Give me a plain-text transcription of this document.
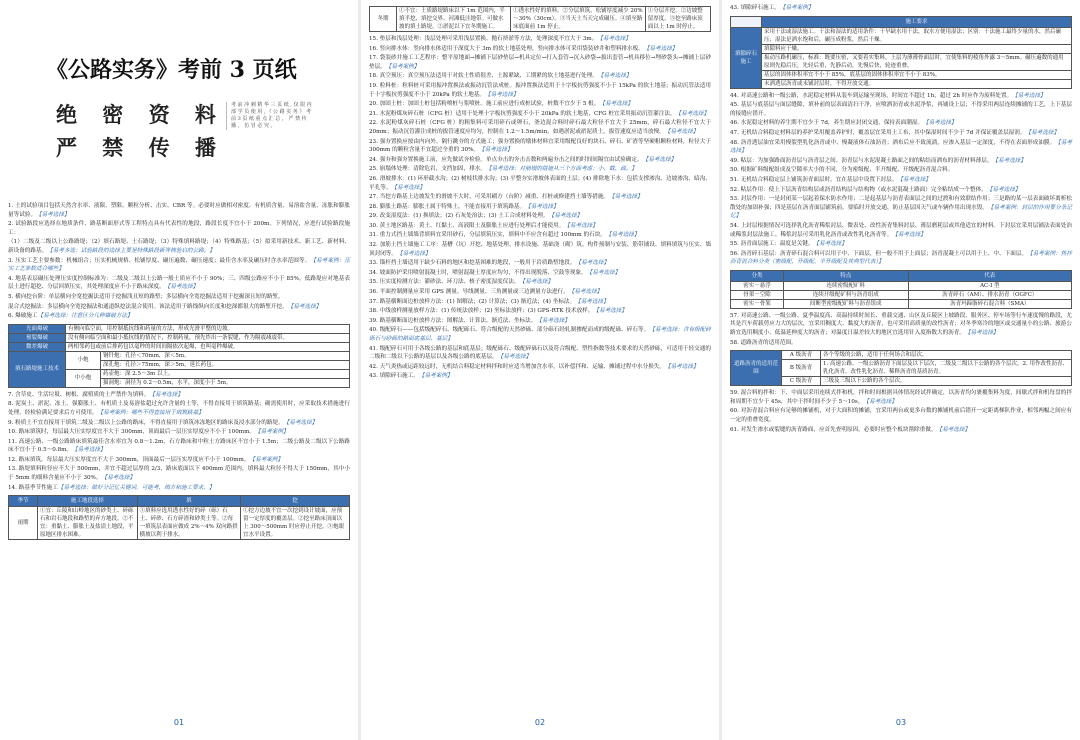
《公路实务》考前 3 页纸
绝 密 资 料
严 禁 传 播
考 前 冲 刺 精 华 三 页 纸 , 仅 限 内 部 学 员 使 用 ，《 公 路 实 务 》 考 前 3 页 纸 重 点 汇 总 ， 严 禁 传 播 ， 仿 冒 必 究 。

1. 土的试验项目包括天然含水率、液限、塑限、颗粒分析、击实、CBR 等。必要时应做相对密度、有机质含量、易溶盐含量、冻胀和膨胀量等试验。【易考选择】

2. 试验路段应选择在地质条件、路基断面形式等工程特点具有代表性的地段，路段长度不宜小于 200m。下列情况，应进行试验路段施工：

（1）二级及二级以上公路路堤；（2）填石路堤、土石路堤；（3）特殊填料路堤；（4）特殊路基；（5）拟采用新技术、新工艺、新材料、新设备的路基。【易考多选：试验路段的选择主要是特殊路段新等核验启的公路。】

3. 压实工艺主要参数：机械组合；压实机械规格、松铺厚度、碾压遍数、碾压速度；最佳含水率及碾压时含水率范围等。【易考案例：压实工艺参数适合哪些】

4. 地基表层碾压处理压实度控制标准为：二级及二级以上公路一般土质应不小于 90%；三、四级公路应不小于 85%。低路堤应对地基表层土进行超挖、分层回填压实，其处理深度应不小于路床深度。【易考选择】

5. 横向挖台阶：单层横向全宽挖掘法适用于挖掘浅且短的路堑；多层横向全宽挖掘法适用于挖掘深且短的路堑。

混合式挖掘法：多层横向全宽挖掘法和通道纵挖法混合使用。该法适用于路线纵向长度和挖深都很大的路堑开挖。【易考选择】

6. 爆破施工【易考选择：注意区分几种爆破方法】

光面爆破	有侧向临空面，用控制抵抗线和药量的方法，形成光滑平整的边坡。	
预裂爆破	没有侧向临空面和最小抵抗线的情况下，控制药量，预先炸出一条裂缝，作为隔震减震带。	
微差爆破	两相邻药包或前后排药包以毫秒的时间间隔依次起爆，也叫毫秒爆破。	
填石路堤施工技术	小炮	钢钎炮：孔径＜70mm，深＜5m。
		深孔炮：孔径＞75mm，深＞5m，延长药包。
	中小炮	药壶炮：深 2.5～3m 以上。
		猫洞炮：洞径为 0.2～0.5m，水平，深度小于 5m。

7. 含草皮、生活垃圾、树根、腐殖质的土严禁作为填料。【易考选择】

8. 泥炭土、淤泥、冻土、强膨胀土、有机质土及易溶盐超过允许含量的土等，不得直接用于填筑路基；确需使用时，应采取技术措施进行处理，经检验满足要求后方可使用。【易考案例：哪些不得直接用于填筑路基】

9. 粉质土不宜直接用于填筑二级及二级以上公路的路床，不得直接用于填筑冰冻地区的路床及浸水部分的路堤。【易考选择】

10. 路床填筑时，每层最大压实厚度宜不大于 300mm，顶面最后一层压实厚度应不小于 100mm。【易考案例】

11. 高速公路、一级公路路床填筑最佳含水率宜为 0.8～1.2m，石方路床和中粒土方路床区不宜小于 1.5m；二级公路及二级以下公路路床不宜小于 0.5～0.8m。【易考选择】

12. 路床填筑，每层最大压实厚度宜不大于 300mm，顶面最后一层压实厚度应不小于 100mm。【易考案例】

13. 路堤填料粒径应不大于 500mm，并宜不超过层厚的 2/3，路床底面以下 400mm 范围内，填料最大粒径不得大于 150mm，其中小于 5mm 的细料含量应不小于 30%。【易考选择】

14. 路基季节性施工【易考选择：做好分记忆关键词，可能考、填方和施工要求。】

季节	施工地段选择	填	挖
雨期	①宜：丘陵和山岭地区的砂类土、碎砾石和岩石地段和路堑的弃方地段。②不宜：重黏土、膨胀土及盐渍土地段，平原地区排水困难。	①填料应选用透水性好的碎（砾）石土、碎砂、石方碎渣和砂类土等。②每一填筑层表面应做成 2%～4% 双向路拱横坡以利于排水。	①挖方边坡不宜一次挖到设计坡面，应预留一定厚度的覆盖层。②挖至路床顶面以上 300～500mm 时应停止开挖。③炮眼宜水平设置。
01
冬期	①不宜：土质路堤路床以下 1m 范围内，半填半挖、填挖交界、河滩低洼地带。可做水坡的填土路堤。②淤泥以下宜冬期施工。	①透水性好的填料。②分层填筑，松铺厚度减少 20%～30%（30cm）。③当天土当天完成碾压。④填至路床底面前 1m 停止。	①分层开挖。②边坡整留厚度。③挖至路床顶面以上 1m 时停止。

15. 垫层和浅层处理：浅层处理可采用浅层置换、抛石挤淤等方法，处理深度不宜大于 3m。【易考选择】

16. 竖向排水体：竖向排水体适用于深度大于 3m 的软土地基处理。竖向排水体可采用袋装砂井和塑料排水板。【易考选择】

17. 袋装砂井施工工艺程序：整平原地面→摊铺下层砂垫层→机具定位→打入套管→沉入砂袋→拔出套管→机具移位→埋砂袋头→摊铺上层砂垫层。【易考案例】

18. 真空预压：真空预压法适用于对软土性质很差、土源紧缺、工期紧的软土地基进行处理。【易考选择】

19. 粒料桩：粒料桩可采用振冲置换法或振动沉管法成桩。振冲置换法适用于十字板抗剪强度不小于 15kPa 的软土地基；振动沉管法适用于十字板抗剪强度不小于 20kPa 的软土地基。【易考选择】

20. 加固土桩：加固土桩包括粉喷桩与浆喷桩。施工前应进行成桩试验，桩数不宜少于 5 根。【易考选择】

21. 水泥粉煤灰碎石桩（CFG 桩）适用于处理十字板抗剪强度不小于 20kPa 的软土地基，CFG 桩宜采用振动沉管灌注法。【易考选择】

22. 水泥粉煤灰碎石桩（CFG 桩）的粗集料可采用碎石或卵石，釜边混合料时碎石最大粒径不宜大于 25mm，碎石最大粒径不宜大于 20mm；振动沉管灌注成桩的拔管速度应均匀，控制在 1.2～1.5m/min，如遇淤泥或淤泥质土，拔管速度应适当放慢。【易考选择】

23. 强夯置换应按由内向外、隔行跳夯的方式施工；强夯置换的墩体材料宜采用级配良好的块石、碎石、矿渣等坚硬粗颗粒材料，粒径大于 300mm 的颗粒含量不宜超过全重的 30%。【易考选择】

24. 强夯和强夯置换施工前，应先做试夯检验。单点夯击的夯击击数和两遍夯击之间的时间间隔宜由试验确定。【易考选择】

25. 崩塌体处理：清除危岩，支挡加固，排水。【易考选择：对崩塌的措施从三个方面考虑：小、截、疏。】

26. 滑坡排水：(1) 环形截水沟；(2) 树枝状排水沟；(3) 平整夯实滑坡体表面的土层；(4) 排除地下水：包括支撑渗沟、边坡渗沟、暗沟、平孔等。【易考选择】

27. 当挖方路基上边坡发生的滑坡不大时，可采用刷方（台阶）减重、打桩或修建挡土墙等措施。【易考选择】

28. 膨胀土路基：膨胀土属于特殊土，不能直接用于填筑路基。【易考选择】

29. 改变湿度法：(1) 换填法；(2) 石灰处治法；(3) 土工合成材料处理。【易考选择】

30. 黄土地区路基：黄土、红黏土、高液限土及膨胀土应进行处理后才能使用。【易考选择】

31. 重力式挡土墙墙背填料宜采用砂石，分层填筑压实，填料中不应含有超过 100mm 的石块。【易考选择】

32. 加筋土挡土墙施工工序：基槽（坑）开挖、地基处理、排水设施、基础浇（砌）筑、构件预制与安装、筋带铺设、填料填筑与压实、墙顶封闭等。【易考选择】

33. 锚杆挡土墙适用于缺少石料的地区和挖基困难的地段，一般用于岩质路堑地段。【易考选择】

34. 坡面防护采用喷射混凝土时，喷射混凝土厚度应均匀，不得出现脱落、空鼓等现象。【易考选择】

35. 压实度检测方法：灌砂法、环刀法、核子密度湿度仪法。【易考选择】

36. 平面控制测量应采用 GPS 测量、导线测量、三角测量或三边测量方法进行。【易考选择】

37. 路基横断面边桩放样方法：(1) 图解法；(2) 计算法；(3) 渐近法；(4) 坐标法。【易考选择】

38. 中线放样测量放样方法：(1) 传统法放样；(2) 坐标法放样；(3) GPS-RTK 技术放样。【易考选择】

39. 路基横断面边桩放样方法：图解法、计算法、渐近法、坐标法。【易考选择】

40. 级配碎石——包括级配碎石、级配砾石、符合级配的天然砂砾、部分砾石经轧制掺配而成的级配砾、碎石等。【易考选择：含有级配碎砾石与砂砾的路面底基层、基层】

41. 级配碎石可用于各级公路的基层和底基层；级配砾石、级配碎砾石以及符合级配、塑性指数等技术要求的天然砂砾，可适用于轻交通的二级和二级以下公路的基层以及各级公路的底基层。【易考选择】

42. 天气炎热或运距较远时，无机结合料稳定材料拌和时应适当增加含水率，以补偿拌和、运输、摊铺过程中水分损失。【易考选择】

43. 填隙碎石施工。【易考案例】

02

43. 填隙碎石施工。【易考案例】

	施工要求
填隙碎石施工	采用干法或湿法施工。干法和湿法的适用条件：干旱缺水用干法，取水方便用湿法；区别：干法施工最终少量的水，然后碾压；湿法是洒水饱和后，碾压成粉浆，然后干燥。
	填隙料应干燥。
	振动压路机碾压，标准：既要压密，又要着实集料，上层为薄薄骨面层时，宜使集料的棱角外露 3～5mm。碾压遍数的通用原则先稳后压，先轻后重，先静后动，先慢后快，轮迹重叠。
	基层的固体体积率宜不小于 85%，底基层的固体体积率宜不小于 83%。
	未洒透层沥青或未铺封层时，不得开放交通。

44. 对高速公路和一级公路，水泥稳定材料从装车到运输至现场，时间宜不超过 1h，超过 2h 时应作为废料处置。【易考选择】

45. 基层与底基层与面层缝隙，填补前的层表面清扫干净，应喷洒沥青或水泥净浆，再铺设上层；不得采用两层连续摊铺的工艺，上下基层的接缝应错开。

46. 水泥稳定材料的养生期不宜少于 7d，养生期应封闭交通，保持表面潮湿。【易考选择】

47. 无机结合料稳定材料层的养护采用覆盖养护时，覆盖层宜采用土工布，其中保湿时间不少于 7d 并保证覆盖层湿润。【易考选择】

48. 沥青透层油宜采用慢裂型乳化沥青或中、慢凝液体石油沥青；洒布后应不致流淌，应渗入基层一定深度，不得在表面形成油膜。【易考选择】

49. 粘层：为加强路面沥青层与沥青层之间、沥青层与水泥混凝土路面之间的粘结而洒布的沥青材料薄层。【易考选择】

50. 根据矿料级配组成及空隙率大小的不同，分为密级配、半开级配、开级配沥青混合料。

51. 无机结合料稳定层上铺筑沥青面层时，宜在基层中设置下封层。【易考选择】

52. 粘层作用：使上下层沥青结构层或沥青结构层与结构物（或水泥混凝土路面）完全粘结成一个整体。【易考选择】

53. 封层作用：一是封闭某一层起着保水防水作用；二是起基层与沥青表面层之间的过渡和有效联结作用；三是路的某一层表面破坏离析松散处的加固补强；四是基层在沥青面层铺筑前，要临时开放交通，防止基层因天气或车辆作用出现水毁。【易考案例：封层的作用要分条记忆】

54. 上封层根据情况可选择乳化沥青稀浆封层、微表处、改性沥青集料封层、薄层磨耗层或其他适宜的材料。下封层宜采用层铺法表面处治或稀浆封层法施工。稀浆封层可采用乳化沥青或改性乳化沥青等。【易考选择】

55. 沥青面层施工：温度是关键。【易考选择】

56. 沥青碎石基层：沥青碎石混合料可以用于中、下面层，但一般不用于上面层；沥青混凝土可以用于上、中、下面层。【易考案例：热拌沥青混合料分类（密级配、开级配、半开级配及其典型代表）】

分类	特点	代表
密实－悬浮	连续密级配矿料	AC-I 型
骨架－空隙	连续开级配矿料与沥青组成	沥青碎石（AM）、排水沥青（OGFC）
密实－骨架	间断型密级配矿料与沥青组成	沥青玛蹄脂碎石混合料（SMA）

57. 对高速公路、一级公路、夏季温度高、高温持续时间长、重载交通、山区及丘陵区上坡路段、服务区、停车场等行车速度慢的路段，尤其是汽车荷载剪应力大的层次，宜采用稠度大、黏度大的沥青，也可采用高质量的改性沥青；对冬季寒冷的地区或交通量小的公路、旅游公路宜选用稠度小、低温延伸度大的沥青；对温度日温差较大的地区宜选用针入度指数大的沥青。【易考选择】

58. 道路沥青的适用范围。

道路沥青的适用范围	A 级沥青	各个等级的公路，适用于任何场合和层次。
	B 级沥青	1. 高速公路、一级公路沥青下面层及以下层次，二级及二级以下公路的各个层次。2. 用作改性沥青、乳化沥青、改性乳化沥青、稀释沥青的基质沥青。
	C 级沥青	三级及三级以下公路的各个层次。

59. 混合料的拌和：下、中面层采用连续式拌和机，拌和时间根据具体情况经试拌确定，以沥青均匀裹覆集料为度，间歇式拌和机每盘的拌和周期不宜少于 45s，其中干拌时间不少于 5～10s。【易考选择】

60. 对沥青混合料应有足够的摊铺机，对于大面积的摊铺，宜采用两台或更多台数的摊铺机前后错开一定距离梯队作业，相邻两幅之间应有一定的重叠宽度。

61. 对发生渗水或裂缝的沥青路面，应首先查明原因，必要时应整个板块凿除重做。【易考选择】

03
